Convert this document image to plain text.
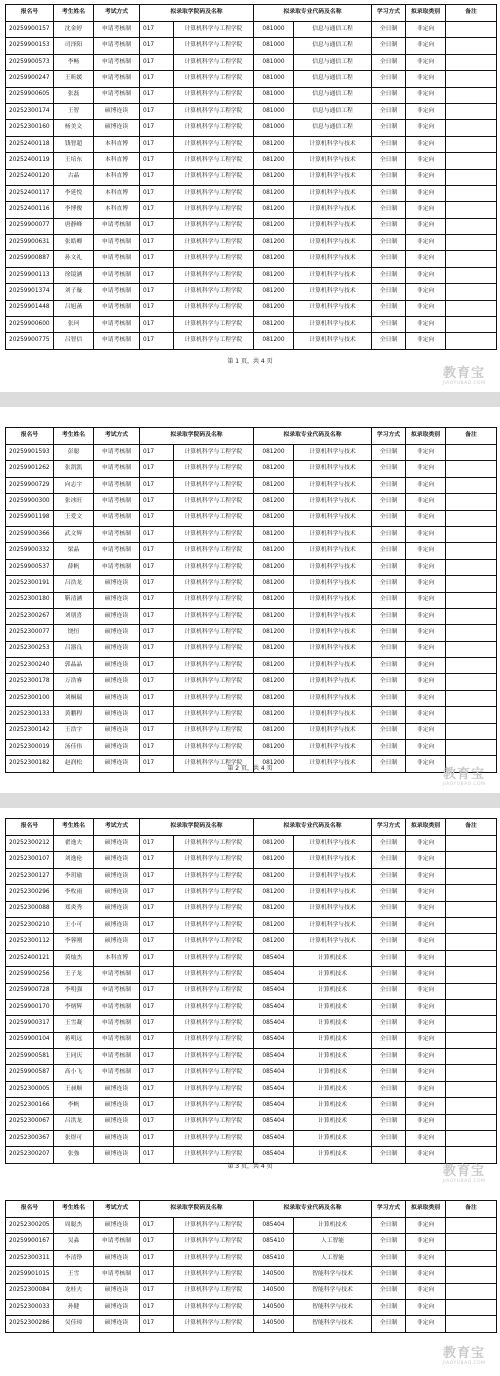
报名号	考生姓名	考试方式	拟录取学院码及名称		拟录取专业代码及名称		学习方式	拟录取类别	备注
20259900157	沈金婷	申请考核制	017	计算机科学与工程学院	081000	信息与通信工程	全日制	非定向	
20259900153	司泽阳	申请考核制	017	计算机科学与工程学院	081000	信息与通信工程	全日制	非定向	
20259900573	李畅	申请考核制	017	计算机科学与工程学院	081000	信息与通信工程	全日制	非定向	
20259900247	王昕媛	申请考核制	017	计算机科学与工程学院	081000	信息与通信工程	全日制	非定向	
20259900605	张磊	申请考核制	017	计算机科学与工程学院	081000	信息与通信工程	全日制	非定向	
20252300174	王智	硕博连读	017	计算机科学与工程学院	081000	信息与通信工程	全日制	非定向	
20252300160	杨美文	硕博连读	017	计算机科学与工程学院	081000	信息与通信工程	全日制	非定向	
20252400118	钱智超	本科直博	017	计算机科学与工程学院	081200	计算机科学与技术	全日制	非定向	
20252400119	王培东	本科直博	017	计算机科学与工程学院	081200	计算机科学与技术	全日制	非定向	
20252400120	古晶	本科直博	017	计算机科学与工程学院	081200	计算机科学与技术	全日制	非定向	
20252400117	李延悦	本科直博	017	计算机科学与工程学院	081200	计算机科学与技术	全日制	非定向	
20252400116	李博俊	本科直博	017	计算机科学与工程学院	081200	计算机科学与技术	全日制	非定向	
20259900077	唐静峰	申请考核制	017	计算机科学与工程学院	081200	计算机科学与技术	全日制	非定向	
20259900631	张皓卿	申请考核制	017	计算机科学与工程学院	081200	计算机科学与技术	全日制	非定向	
20259900887	孙文礼	申请考核制	017	计算机科学与工程学院	081200	计算机科学与技术	全日制	非定向	
20259900113	徐镜涵	申请考核制	017	计算机科学与工程学院	081200	计算机科学与技术	全日制	非定向	
20259901374	刘子璇	申请考核制	017	计算机科学与工程学院	081200	计算机科学与技术	全日制	非定向	
20259901448	吕旭菡	申请考核制	017	计算机科学与工程学院	081200	计算机科学与技术	全日制	非定向	
20259900600	张珂	申请考核制	017	计算机科学与工程学院	081200	计算机科学与技术	全日制	非定向	
20259900775	吕智信	申请考核制	017	计算机科学与工程学院	081200	计算机科学与技术	全日制	非定向	
第 1 页，共 4 页
教育宝
JIAOYUBAO.COM
报名号	考生姓名	考试方式	拟录取学院码及名称		拟录取专业代码及名称		学习方式	拟录取类别	备注
20259901593	彭聪	申请考核制	017	计算机科学与工程学院	081200	计算机科学与技术	全日制	非定向	
20259901262	张凯凯	申请考核制	017	计算机科学与工程学院	081200	计算机科学与技术	全日制	非定向	
20259900729	向志宇	申请考核制	017	计算机科学与工程学院	081200	计算机科学与技术	全日制	非定向	
20259900300	张冰旺	申请考核制	017	计算机科学与工程学院	081200	计算机科学与技术	全日制	非定向	
20259901198	王爱文	申请考核制	017	计算机科学与工程学院	081200	计算机科学与技术	全日制	非定向	
20259900366	武文辉	申请考核制	017	计算机科学与工程学院	081200	计算机科学与技术	全日制	非定向	
20259900332	梁晶	申请考核制	017	计算机科学与工程学院	081200	计算机科学与技术	全日制	非定向	
20259900537	薛帆	申请考核制	017	计算机科学与工程学院	081200	计算机科学与技术	全日制	非定向	
20252300191	吕浩龙	硕博连读	017	计算机科学与工程学院	081200	计算机科学与技术	全日制	非定向	
20252300180	靳清涵	硕博连读	017	计算机科学与工程学院	081200	计算机科学与技术	全日制	非定向	
20252300267	刘朋喜	硕博连读	017	计算机科学与工程学院	081200	计算机科学与技术	全日制	非定向	
20252300077	饶恒	硕博连读	017	计算机科学与工程学院	081200	计算机科学与技术	全日制	非定向	
20252300253	吕器良	硕博连读	017	计算机科学与工程学院	081200	计算机科学与技术	全日制	非定向	
20252300240	郭晶晶	硕博连读	017	计算机科学与工程学院	081200	计算机科学与技术	全日制	非定向	
20252300178	万浩睿	硕博连读	017	计算机科学与工程学院	081200	计算机科学与技术	全日制	非定向	
20252300100	刘桐瑞	硕博连读	017	计算机科学与工程学院	081200	计算机科学与技术	全日制	非定向	
20252300133	黄鹏程	硕博连读	017	计算机科学与工程学院	081200	计算机科学与技术	全日制	非定向	
20252300142	王浩宇	硕博连读	017	计算机科学与工程学院	081200	计算机科学与技术	全日制	非定向	
20252300019	汤佳伟	硕博连读	017	计算机科学与工程学院	081200	计算机科学与技术	全日制	非定向	
20252300182	赵润松	硕博连读	017	计算机科学与工程学院	081200	计算机科学与技术	全日制	非定向	
第 2 页，共 4 页	教育宝
JIAOYUBAO.COM
报名号	考生姓名	考试方式	拟录取学院码及名称		拟录取专业代码及名称		学习方式	拟录取类别	备注
20252300212	翟逸夫	硕博连读	017	计算机科学与工程学院	081200	计算机科学与技术	全日制	非定向	
20252300107	刘逸伦	硕博连读	017	计算机科学与工程学院	081200	计算机科学与技术	全日制	非定向	
20252300127	李玥瑜	硕博连读	017	计算机科学与工程学院	081200	计算机科学与技术	全日制	非定向	
20252300296	李枚雨	硕博连读	017	计算机科学与工程学院	081200	计算机科学与技术	全日制	非定向	
20252300088	郑炎秀	硕博连读	017	计算机科学与工程学院	081200	计算机科学与技术	全日制	非定向	
20252300210	王小可	硕博连读	017	计算机科学与工程学院	081200	计算机科学与技术	全日制	非定向	
20252300112	李蓉刚	硕博连读	017	计算机科学与工程学院	081200	计算机科学与技术	全日制	非定向	
20252400121	黄灿杰	本科直博	017	计算机科学与工程学院	085404	计算机技术	全日制	非定向	
20259900256	王子龙	申请考核制	017	计算机科学与工程学院	085404	计算机技术	全日制	非定向	
20259900728	李明强	申请考核制	017	计算机科学与工程学院	085404	计算机技术	全日制	非定向	
20259900170	李炳辉	申请考核制	017	计算机科学与工程学院	085404	计算机技术	全日制	非定向	
20259900317	王雪凝	申请考核制	017	计算机科学与工程学院	085404	计算机技术	全日制	非定向	
20259900104	蒋明远	申请考核制	017	计算机科学与工程学院	085404	计算机技术	全日制	非定向	
20259900581	王同庆	申请考核制	017	计算机科学与工程学院	085404	计算机技术	全日制	非定向	
20259900587	高小飞	申请考核制	017	计算机科学与工程学院	085404	计算机技术	全日制	非定向	
20252300005	王昶顺	硕博连读	017	计算机科学与工程学院	085404	计算机技术	全日制	非定向	
20252300166	李帆	硕博连读	017	计算机科学与工程学院	085404	计算机技术	全日制	非定向	
20252300067	吕洪龙	硕博连读	017	计算机科学与工程学院	085404	计算机技术	全日制	非定向	
20252300367	张煜可	硕博连读	017	计算机科学与工程学院	085404	计算机技术	全日制	非定向	
20252300207	张強	硕博连读	017	计算机科学与工程学院	085404	计算机技术	全日制	非定向	
第 3 页，共 4 页	教育宝
JIAOYUBAO.COM
报名号	考生姓名	考试方式	拟录取学院码及名称		拟录取专业代码及名称		学习方式	拟录取类别	备注
20252300205	周聪杰	硕博连读	017	计算机科学与工程学院	085404	计算机技术	全日制	非定向	
20259900167	吴淼	申请考核制	017	计算机科学与工程学院	085410	人工智能	全日制	非定向	
20252300311	李清铮	硕博连读	017	计算机科学与工程学院	085410	人工智能	全日制	非定向	
20259901015	王雪	申请考核制	017	计算机科学与工程学院	140500	智能科学与技术	全日制	非定向	
20252300084	龙桂夫	硕博连读	017	计算机科学与工程学院	140500	智能科学与技术	全日制	非定向	
20252300033	孙健	硕博连读	017	计算机科学与工程学院	140500	智能科学与技术	全日制	非定向	
20252300286	吴佳璋	硕博连读	017	计算机科学与工程学院	140500	智能科学与技术	全日制	非定向	
教育宝
JIAOYUBAO.COM
